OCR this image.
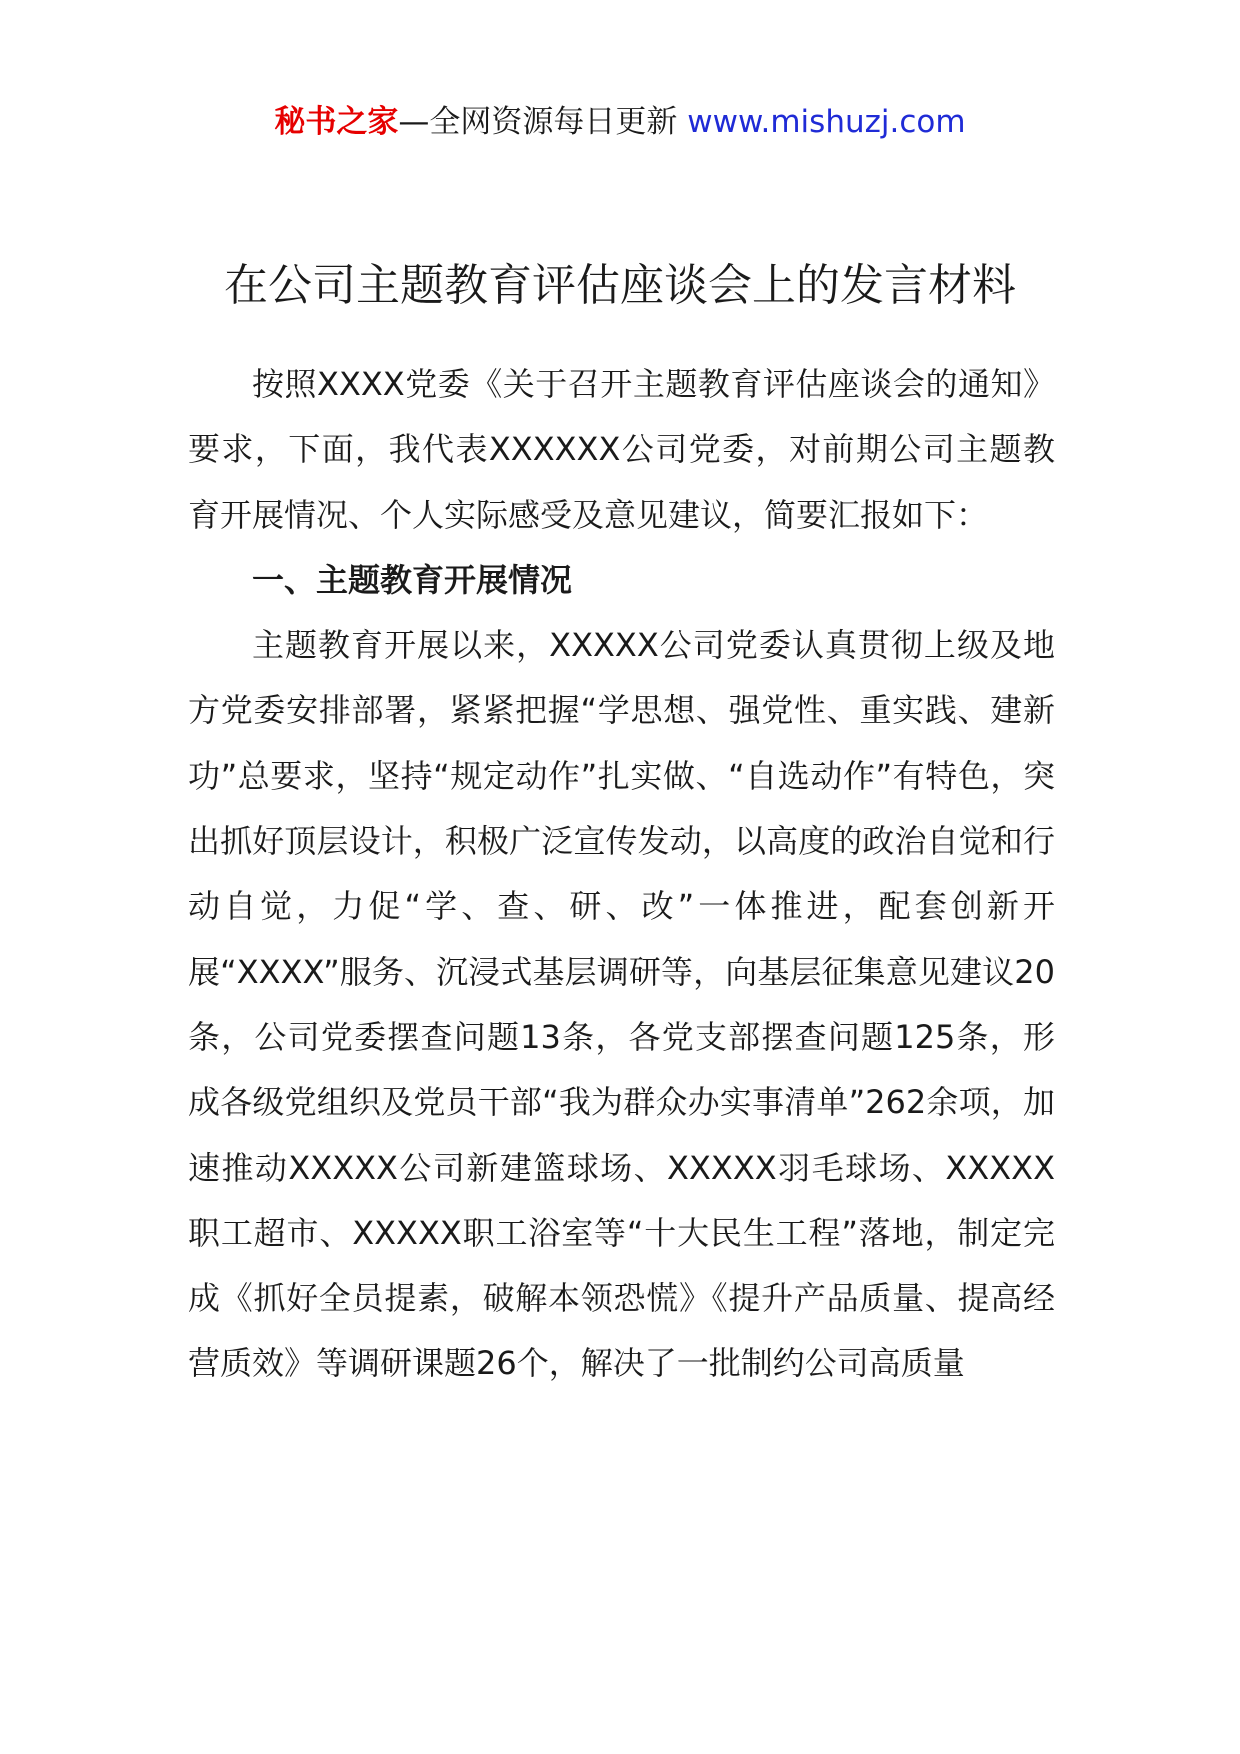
秘书之家—全网资源每日更新 www.mishuzj.com
在公司主题教育评估座谈会上的发言材料

按照XXXX党委《关于召开主题教育评估座谈会的通知》要求，下面，我代表XXXXXX公司党委，对前期公司主题教育开展情况、个人实际感受及意见建议，简要汇报如下：

一、主题教育开展情况

主题教育开展以来，XXXXX公司党委认真贯彻上级及地方党委安排部署，紧紧把握“学思想、强党性、重实践、建新功”总要求，坚持“规定动作”扎实做、“自选动作”有特色，突出抓好顶层设计，积极广泛宣传发动，以高度的政治自觉和行动自觉，力促“学、查、研、改”一体推进，配套创新开展“XXXX”服务、沉浸式基层调研等，向基层征集意见建议20条，公司党委摆查问题13条，各党支部摆查问题125条，形成各级党组织及党员干部“我为群众办实事清单”262余项，加速推动XXXXX公司新建篮球场、XXXXX羽毛球场、XXXXX职工超市、XXXXX职工浴室等“十大民生工程”落地，制定完成《抓好全员提素，破解本领恐慌》《提升产品质量、提高经营质效》等调研课题26个，解决了一批制约公司高质量
